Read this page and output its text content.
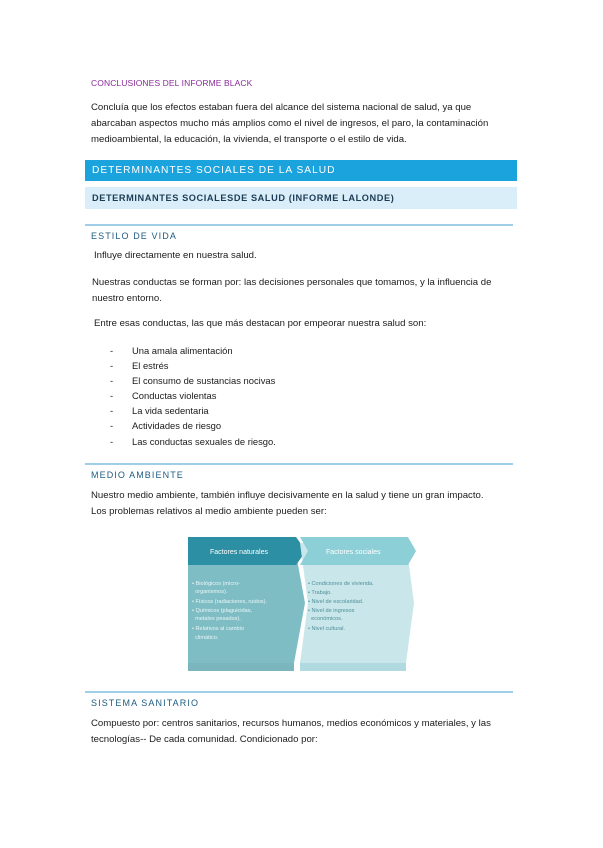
CONCLUSIONES DEL INFORME BLACK
Concluía que los efectos estaban fuera del alcance del sistema nacional de salud, ya que
abarcaban aspectos mucho más amplios como el nivel de ingresos, el paro, la contaminación
medioambiental, la educación, la vivienda, el transporte o el estilo de vida.
DETERMINANTES SOCIALES DE LA SALUD
DETERMINANTES SOCIALESDE SALUD (INFORME LALONDE)
ESTILO DE VIDA
Influye directamente en nuestra salud.
Nuestras conductas se forman por: las decisiones personales que tomamos, y la influencia de
nuestro entorno.
Entre esas conductas, las que más destacan por empeorar nuestra salud son:
- Una amala alimentación
- El estrés
- El consumo de sustancias nocivas
- Conductas violentas
- La vida sedentaria
- Actividades de riesgo
- Las conductas sexuales de riesgo.
MEDIO AMBIENTE
Nuestro medio ambiente, también influye decisivamente en la salud y tiene un gran impacto.
Los problemas relativos al medio ambiente pueden ser:
Factores naturales	Factores sociales
• Biológicos (micro-
organismos).
• Físicos (radiaciones, ruidos).
• Químicos (plaguicidas,
metales pesados).
• Relativos al cambio
climático.
• Condiciones de vivienda.
• Trabajo.
• Nivel de escolaridad.
• Nivel de ingresos
económicos.
• Nivel cultural.
SISTEMA SANITARIO
Compuesto por: centros sanitarios, recursos humanos, medios económicos y materiales, y las
tecnologías-- De cada comunidad. Condicionado por:
